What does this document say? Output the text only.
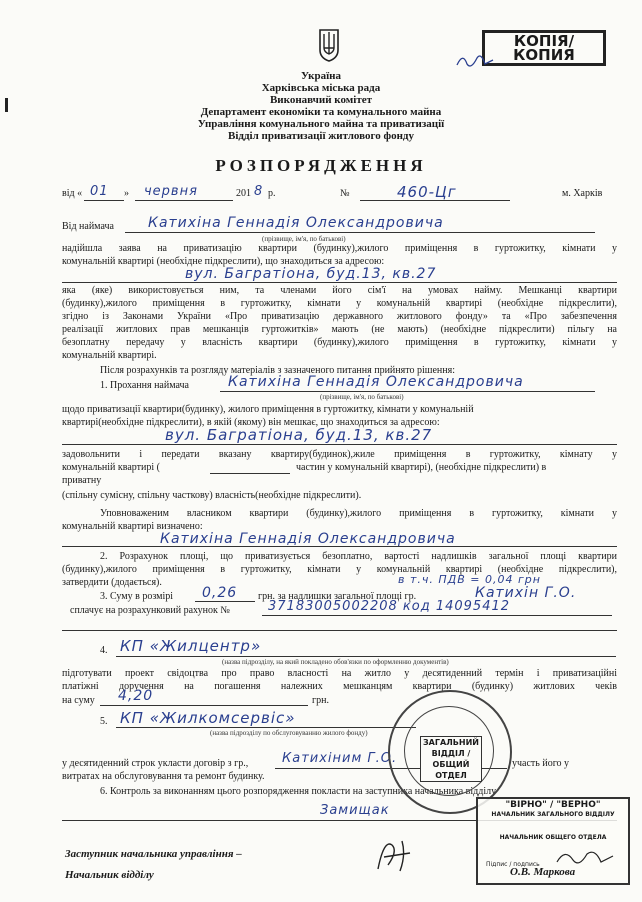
КОПІЯ/
КОПИЯ
Україна
Харківська міська рада
Виконавчий комітет
Департамент економіки та комунального майна
Управління комунального майна та приватизації
Відділ приватизації житлового фонду
РОЗПОРЯДЖЕННЯ
від « 01 » червня	201 8 р.	№	460-Цг	м. Харків
Від наймача Катихіна Геннадія Олександровича
(прізвище, ім'я, по батькові)
надійшла заява на приватизацію квартири (будинку),жилого приміщення в гуртожитку, кімнати у
комунальній квартирі (необхідне підкреслити), що знаходиться за адресою:
вул. Багратіона, буд.13, кв.27
яка (яке) використовується ним, та членами його сім'ї на умовах найму. Мешканці квартири
(будинку),жилого приміщення в гуртожитку, кімнати у комунальній квартирі (необхідне підкреслити),
згідно із Законами України «Про приватизацію державного житлового фонду» та «Про забезпечення
реалізації житлових прав мешканців гуртожитків» мають (не мають) (необхідне підкреслити) пільгу на
безоплатну передачу у власність квартири (будинку),жилого приміщення в гуртожитку, кімнати у
комунальній квартирі.
Після розрахунків та розгляду матеріалів з зазначеного питання прийнято рішення:
1. Прохання наймача	Катихіна Геннадія Олександровича
(прізвище, ім'я, по батькові)
щодо приватизації квартири(будинку), жилого приміщення в гуртожитку, кімнати у комунальній
квартирі(необхідне підкреслити), в якій (якому) він мешкає, що знаходиться за адресою:
вул. Багратіона, буд.13, кв.27
задовольнити і передати вказану квартиру(будинок),жиле приміщення в гуртожитку, кімнату у
комунальній квартирі (	частин у комунальній квартирі), (необхідне підкреслити) в
приватну
(спільну сумісну, спільну часткову) власність(необхідне підкреслити).
Уповноваженим власником квартири (будинку),жилого приміщення в гуртожитку, кімнати у
комунальній квартирі визначено:
Катихіна Геннадія Олександровича
2. Розрахунок площі, що приватизується безоплатно, вартості надлишків загальної площі квартири
(будинку),жилого приміщення в гуртожитку, кімнати у комунальній квартирі (необхідне підкреслити),
затвердити (додається).	в т.ч. ПДВ = 0,04 грн
3. Суму в розмірі 0,26 грн. за надлишки загальної площі гр.	Катихін Г.О.
сплачує на розрахунковий рахунок №	37183005002208 код 14095412
4. КП «Жилцентр»
(назва підрозділу, на який покладено обов'язки по оформленню документів)
підготувати проект свідоцтва про право власності на житло у десятиденний термін і приватизаційні
платіжні доручення на погашення належних мешканцям квартири (будинку) житлових чеків
на суму 4,20	грн.
5. КП «Жилкомсервіс»
(назва підрозділу по обслуговуванню жилого фонду)
у десятиденний строк укласти договір з гр.,	Катихіним Г.О.	участь його у
витратах на обслуговування та ремонт будинку.
6. Контроль за виконанням цього розпорядження покласти на заступника начальника відділу
Замищак
ЗАГАЛЬНИЙ ВІДДІЛ / ОБЩИЙ ОТДЕЛ
"ВІРНО" / "ВЕРНО"
НАЧАЛЬНИК ЗАГАЛЬНОГО ВІДДІЛУ
НАЧАЛЬНИК ОБЩЕГО ОТДЕЛА
Підпис / подпись
Заступник начальника управління –
Начальник відділу	О.В. Маркова
